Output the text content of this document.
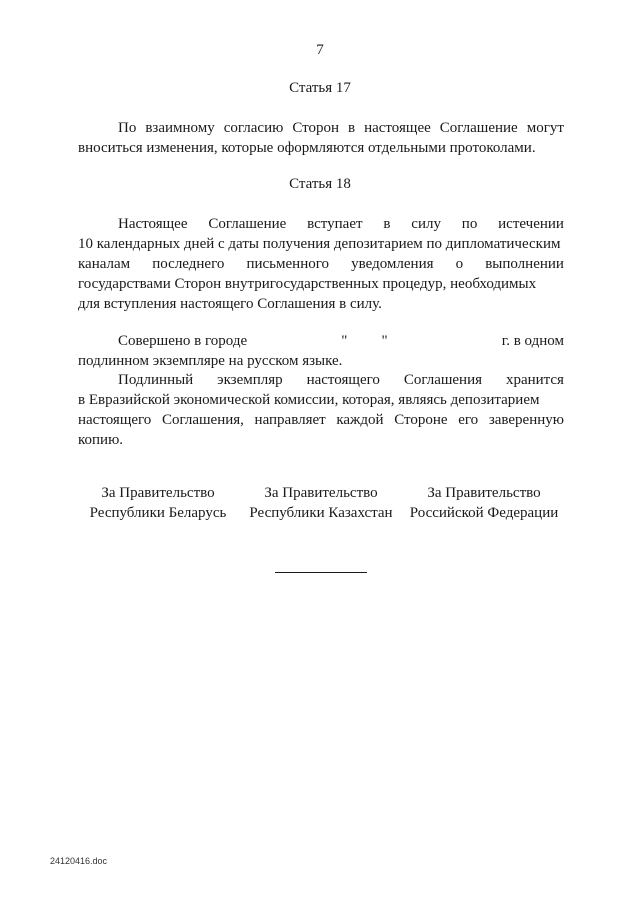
7
Статья 17
По взаимному согласию Сторон в настоящее Соглашение могут
вноситься изменения, которые оформляются отдельными протоколами.
Статья 18
Настоящее Соглашение вступает в силу по истечении
10 календарных дней с даты получения депозитарием по дипломатическим
каналам последнего письменного уведомления о выполнении
государствами Сторон внутригосударственных процедур, необходимых
для вступления настоящего Соглашения в силу.
Совершено в городе	" "	г. в одном
подлинном экземпляре на русском языке.
Подлинный экземпляр настоящего Соглашения хранится
в Евразийской экономической комиссии, которая, являясь депозитарием
настоящего Соглашения, направляет каждой Стороне его заверенную
копию.
За Правительство
Республики Беларусь
За Правительство
Республики Казахстан
За Правительство
Российской Федерации
24120416.doc
